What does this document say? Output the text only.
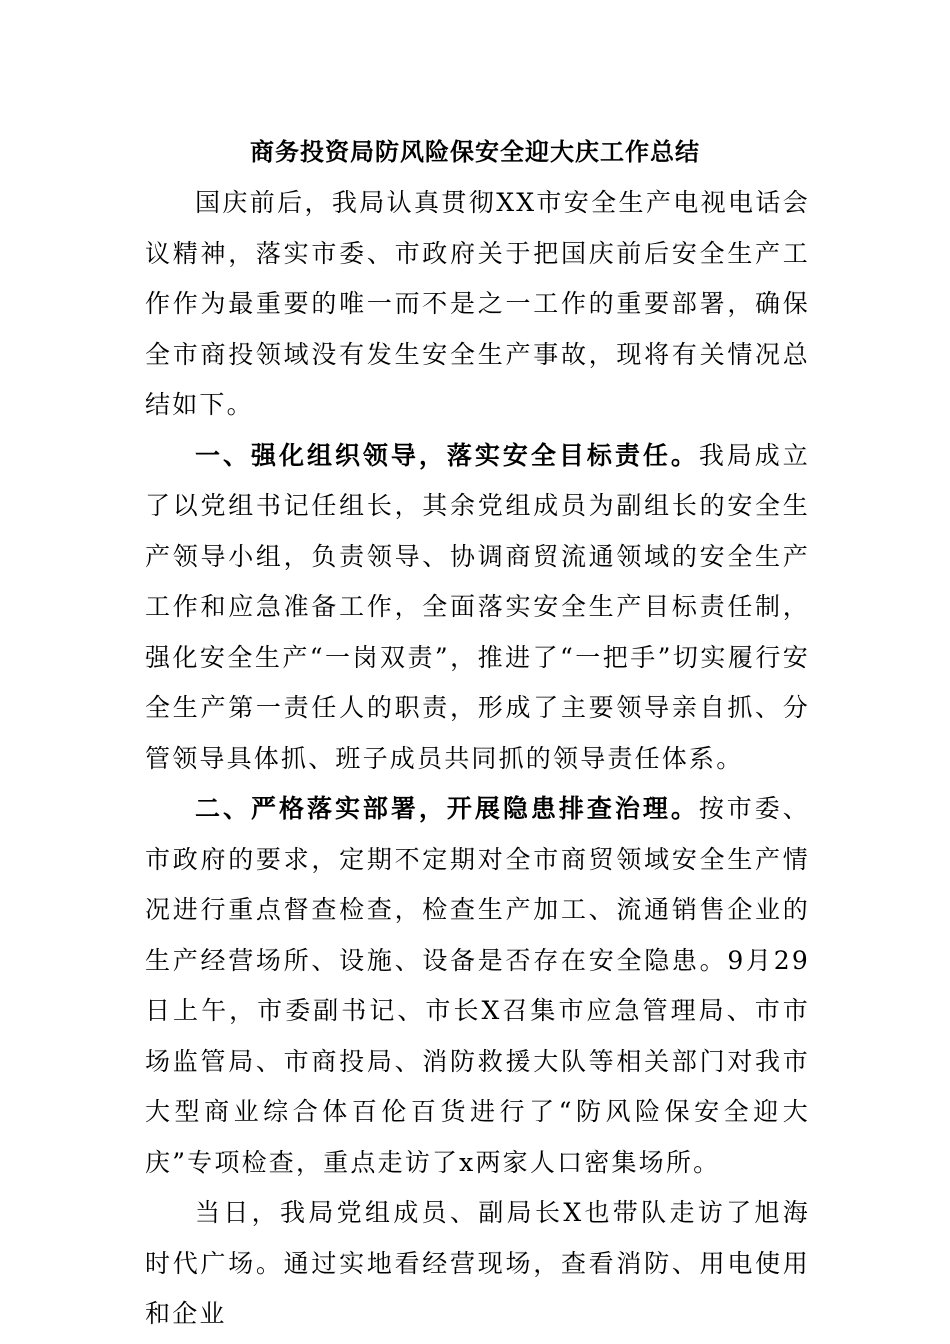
商务投资局防风险保安全迎大庆工作总结

国庆前后，我局认真贯彻XX市安全生产电视电话会议精神，落实市委、市政府关于把国庆前后安全生产工作作为最重要的唯一而不是之一工作的重要部署，确保全市商投领域没有发生安全生产事故，现将有关情况总结如下。

一、强化组织领导，落实安全目标责任。我局成立了以党组书记任组长，其余党组成员为副组长的安全生产领导小组，负责领导、协调商贸流通领域的安全生产工作和应急准备工作，全面落实安全生产目标责任制，强化安全生产“一岗双责”，推进了“一把手”切实履行安全生产第一责任人的职责，形成了主要领导亲自抓、分管领导具体抓、班子成员共同抓的领导责任体系。

二、严格落实部署，开展隐患排查治理。按市委、市政府的要求，定期不定期对全市商贸领域安全生产情况进行重点督查检查，检查生产加工、流通销售企业的生产经营场所、设施、设备是否存在安全隐患。9月29日上午，市委副书记、市长X召集市应急管理局、市市场监管局、市商投局、消防救援大队等相关部门对我市大型商业综合体百伦百货进行了“防风险保安全迎大庆”专项检查，重点走访了x两家人口密集场所。

当日，我局党组成员、副局长X也带队走访了旭海时代广场。通过实地看经营现场，查看消防、用电使用和企业
